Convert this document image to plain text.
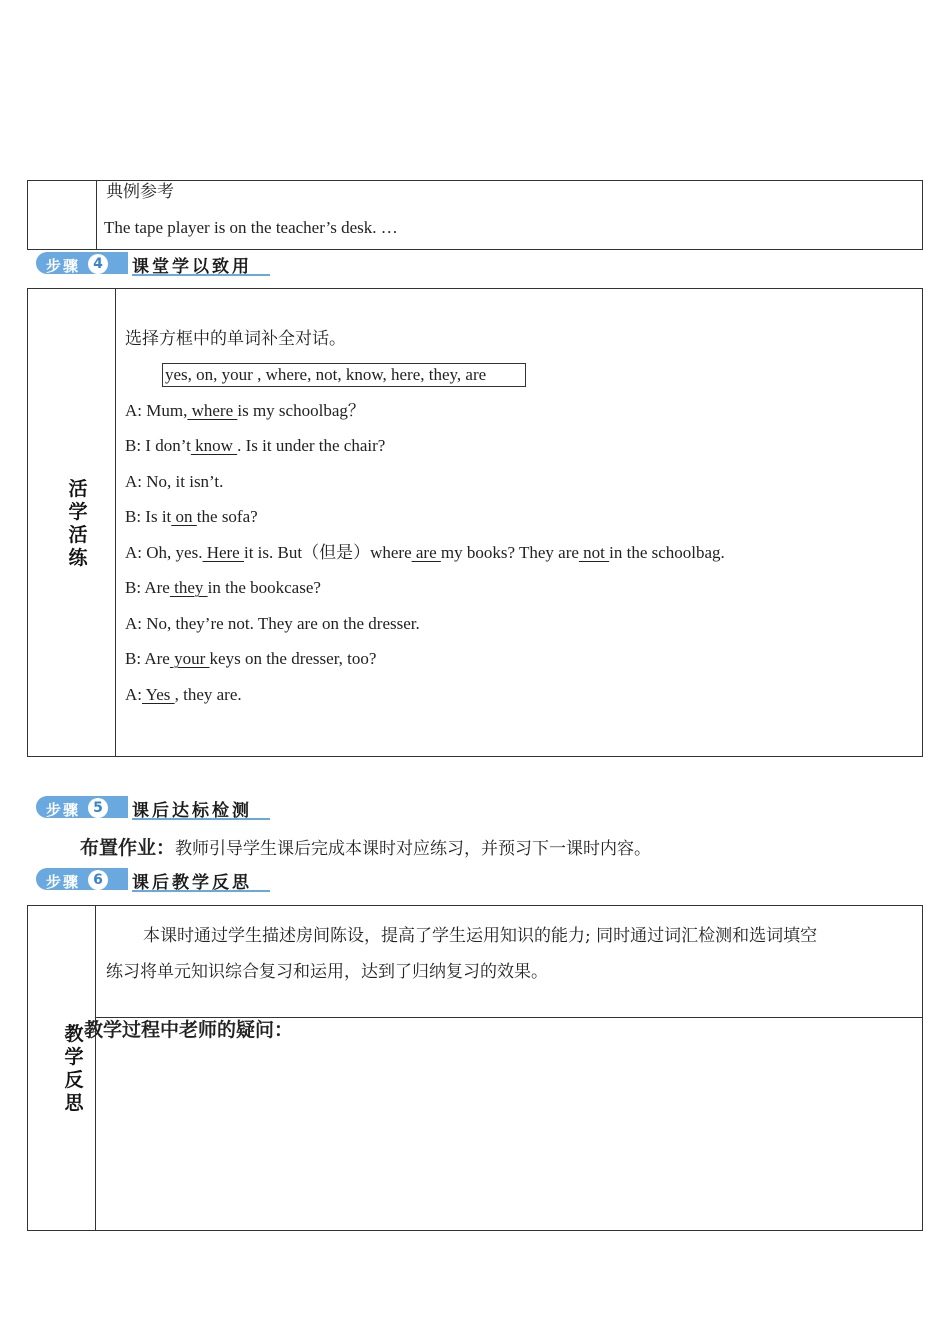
典例参考
The tape player is on the teacher’s desk. …
步骤 4	课堂学以致用
活
学
活
练
选择方框中的单词补全对话。
yes, on, your , where, not, know, here, they, are
A: Mum, where is my schoolbag？
B: I don’t know . Is it under the chair?
A: No, it isn’t.
B: Is it on the sofa?
A: Oh, yes. Here it is. But（但是）where are my books? They are not in the schoolbag.
B: Are they in the bookcase?
A: No, they’re not. They are on the dresser.
B: Are your keys on the dresser, too?
A: Yes , they are.
步骤 5	课后达标检测
布置作业：教师引导学生课后完成本课时对应练习，并预习下一课时内容。
步骤 6	课后教学反思
教
学
反
思
本课时通过学生描述房间陈设，提高了学生运用知识的能力; 同时通过词汇检测和选词填空
练习将单元知识综合复习和运用，达到了归纳复习的效果。
教学过程中老师的疑问：
